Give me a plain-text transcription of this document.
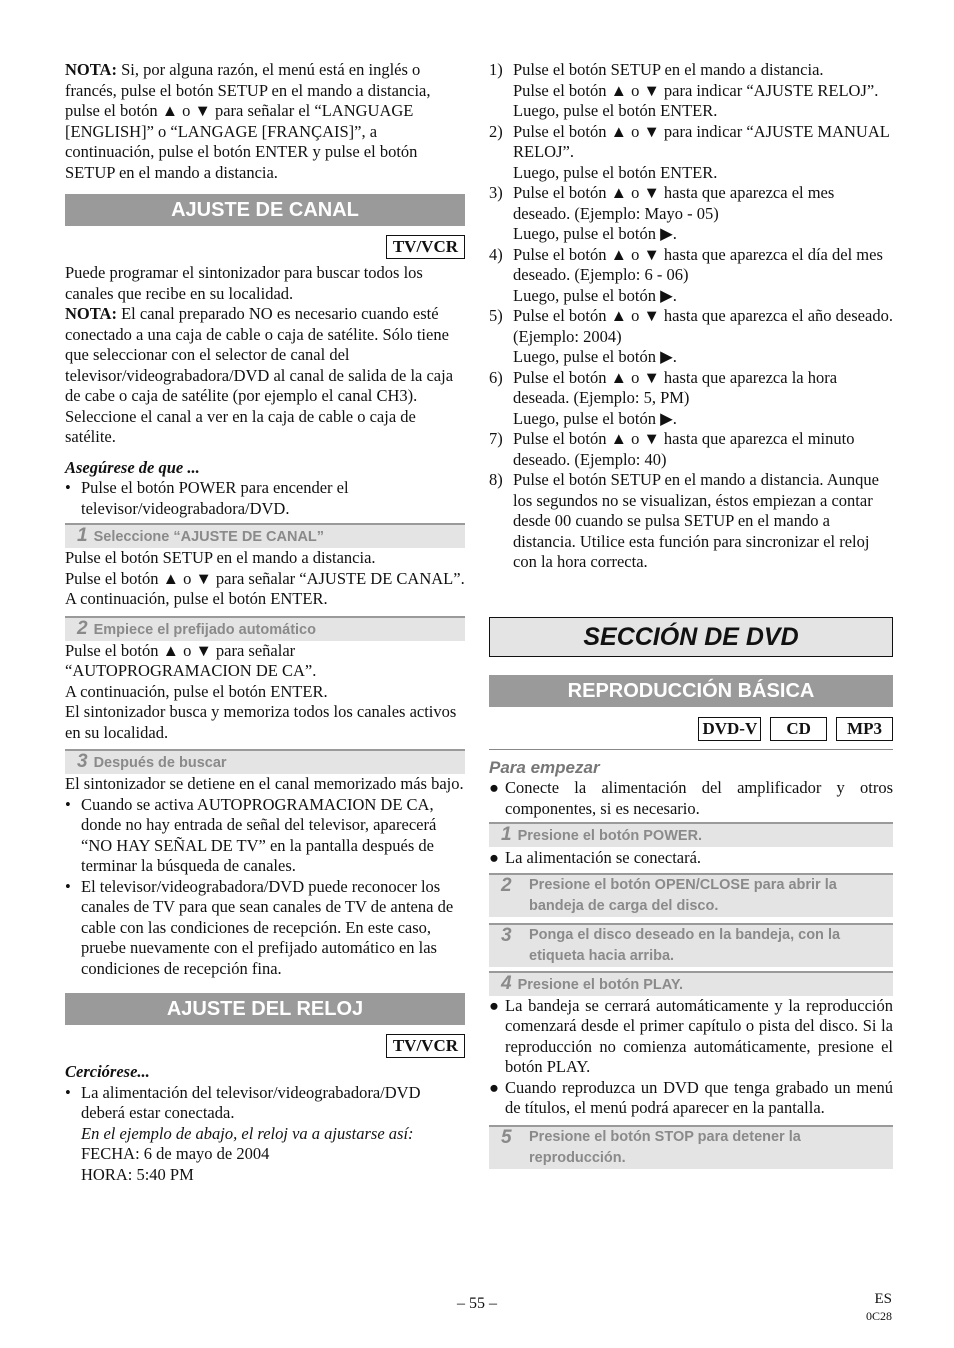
NOTA: Si, por alguna razón, el menú está en inglés o francés, pulse el botón SETUP en el mando a distancia, pulse el botón ▲ o ▼ para señalar el “LANGUAGE [ENGLISH]” o “LANGAGE [FRANÇAIS]”, a continuación, pulse el botón ENTER y pulse el botón SETUP en el mando a distancia.

AJUSTE DE CANAL
TV/VCR

Puede programar el sintonizador para buscar todos los canales que recibe en su localidad.

NOTA: El canal preparado NO es necesario cuando esté conectado a una caja de cable o caja de satélite. Sólo tiene que seleccionar con el selector de canal del televisor/videograbadora/DVD al canal de salida de la caja de cabe o caja de satélite (por ejemplo el canal CH3). Seleccione el canal a ver en la caja de cable o caja de satélite.

Asegúrese de que ...

• Pulse el botón POWER para encender el televisor/videograbadora/DVD.
1 Seleccione “AJUSTE DE CANAL”

Pulse el botón SETUP en el mando a distancia.

Pulse el botón ▲ o ▼ para señalar “AJUSTE DE CANAL”.

A continuación, pulse el botón ENTER.

2 Empiece el prefijado automático

Pulse el botón ▲ o ▼ para señalar “AUTOPROGRAMACION DE CA”.

A continuación, pulse el botón ENTER.

El sintonizador busca y memoriza todos los canales activos en su localidad.

3 Después de buscar

El sintonizador se detiene en el canal memorizado más bajo.

• Cuando se activa AUTOPROGRAMACION DE CA, donde no hay entrada de señal del televisor, aparecerá “NO HAY SEÑAL DE TV” en la pantalla después de terminar la búsqueda de canales.
• El televisor/videograbadora/DVD puede reconocer los canales de TV para que sean canales de TV de antena de cable con las condiciones de recepción. En este caso, pruebe nuevamente con el prefijado automático en las condiciones de recepción fina.
AJUSTE DEL RELOJ
TV/VCR

Cerciórese...

• La alimentación del televisor/videograbadora/DVD deberá estar conectada.

En el ejemplo de abajo, el reloj va a ajustarse así:

FECHA: 6 de mayo de 2004

HORA: 5:40 PM

1) Pulse el botón SETUP en el mando a distancia.

Pulse el botón ▲ o ▼ para indicar “AJUSTE RELOJ”.

Luego, pulse el botón ENTER.

2) Pulse el botón ▲ o ▼ para indicar “AJUSTE MANUAL RELOJ”.

Luego, pulse el botón ENTER.

3) Pulse el botón ▲ o ▼ hasta que aparezca el mes deseado. (Ejemplo: Mayo - 05)

Luego, pulse el botón ▶.

4) Pulse el botón ▲ o ▼ hasta que aparezca el día del mes deseado. (Ejemplo: 6 - 06)

Luego, pulse el botón ▶.

5) Pulse el botón ▲ o ▼ hasta que aparezca el año deseado. (Ejemplo: 2004)

Luego, pulse el botón ▶.

6) Pulse el botón ▲ o ▼ hasta que aparezca la hora deseada. (Ejemplo: 5, PM)

Luego, pulse el botón ▶.

7) Pulse el botón ▲ o ▼ hasta que aparezca el minuto deseado. (Ejemplo: 40)
8) Pulse el botón SETUP en el mando a distancia. Aunque los segundos no se visualizan, éstos empiezan a contar desde 00 cuando se pulsa SETUP en el mando a distancia. Utilice esta función para sincronizar el reloj con la hora correcta.
SECCIÓN DE DVD
REPRODUCCIÓN BÁSICA
DVD-V CD MP3

Para empezar

● Conecte la alimentación del amplificador y otros componentes, si es necesario.
1 Presione el botón POWER.
● La alimentación se conectará.
2	Presione el botón OPEN/CLOSE para abrir la bandeja de carga del disco.
3	Ponga el disco deseado en la bandeja, con la etiqueta hacia arriba.
4 Presione el botón PLAY.
● La bandeja se cerrará automáticamente y la reproducción comenzará desde el primer capítulo o pista del disco. Si la reproducción no comienza automáticamente, presione el botón PLAY.
● Cuando reproduzca un DVD que tenga grabado un menú de títulos, el menú podrá aparecer en la pantalla.
5	Presione el botón STOP para detener la reproducción.
– 55 –	ES
0C28
